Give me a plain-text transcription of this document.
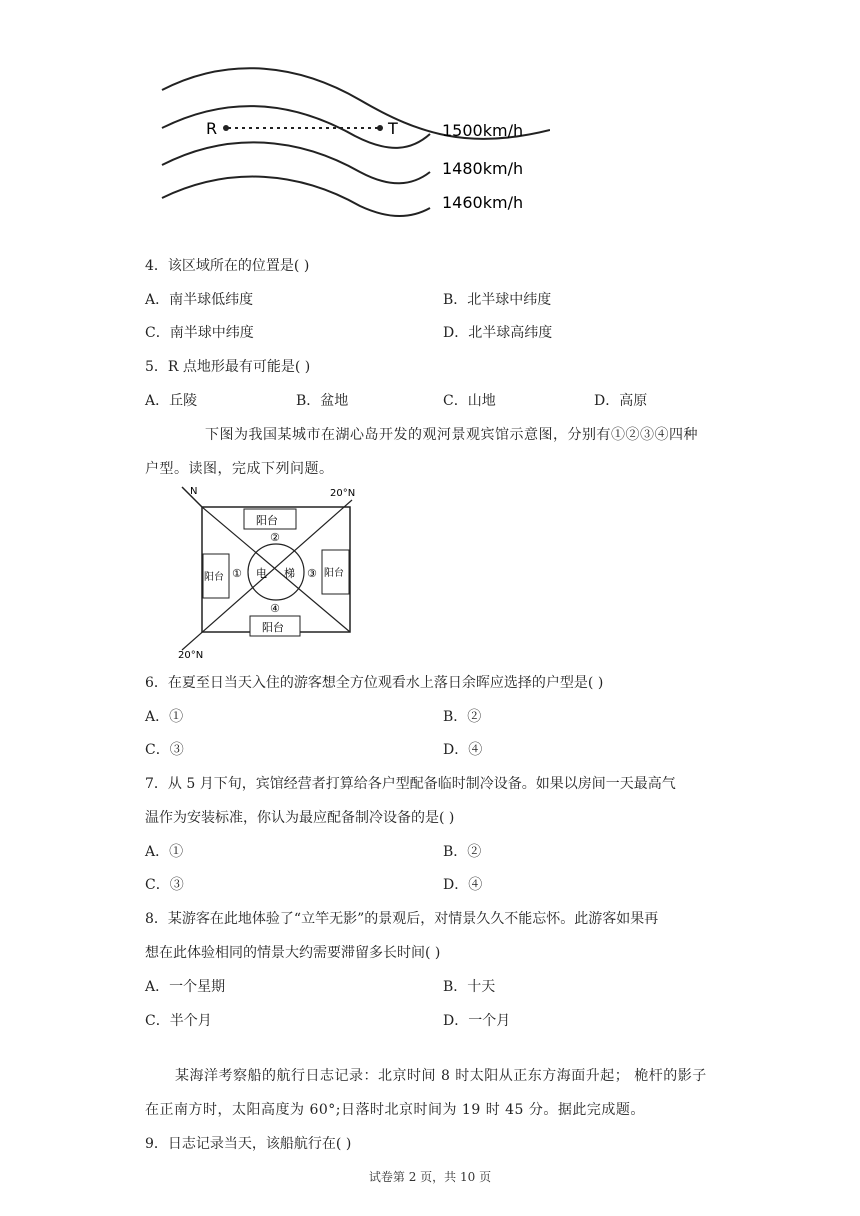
R	T	1500km/h
1480km/h
1460km/h
4．该区域所在的位置是( )
A．南半球低纬度	B．北半球中纬度
C．南半球中纬度	D．北半球高纬度
5．R 点地形最有可能是( )
A．丘陵	B．盆地	C．山地	D．高原
下图为我国某城市在湖心岛开发的观河景观宾馆示意图，分别有①②③④四种
户型。读图，完成下列问题。
N	20°N
20°N
阳台
阳台	阳台
阳台
电 梯
①
②
③
④
6．在夏至日当天入住的游客想全方位观看水上落日余晖应选择的户型是( )
A．①	B．②
C．③	D．④
7．从 5 月下旬，宾馆经营者打算给各户型配备临时制冷设备。如果以房间一天最高气
温作为安装标准，你认为最应配备制冷设备的是( )
A．①	B．②
C．③	D．④
8．某游客在此地体验了“立竿无影”的景观后，对情景久久不能忘怀。此游客如果再
想在此体验相同的情景大约需要滞留多长时间( )
A．一个星期	B．十天
C．半个月	D．一个月
某海洋考察船的航行日志记录：北京时间 8 时太阳从正东方海面升起； 桅杆的影子
在正南方时，太阳高度为 60°;日落时北京时间为 19 时 45 分。据此完成题。
9．日志记录当天，该船航行在( )
试卷第 2 页，共 10 页
